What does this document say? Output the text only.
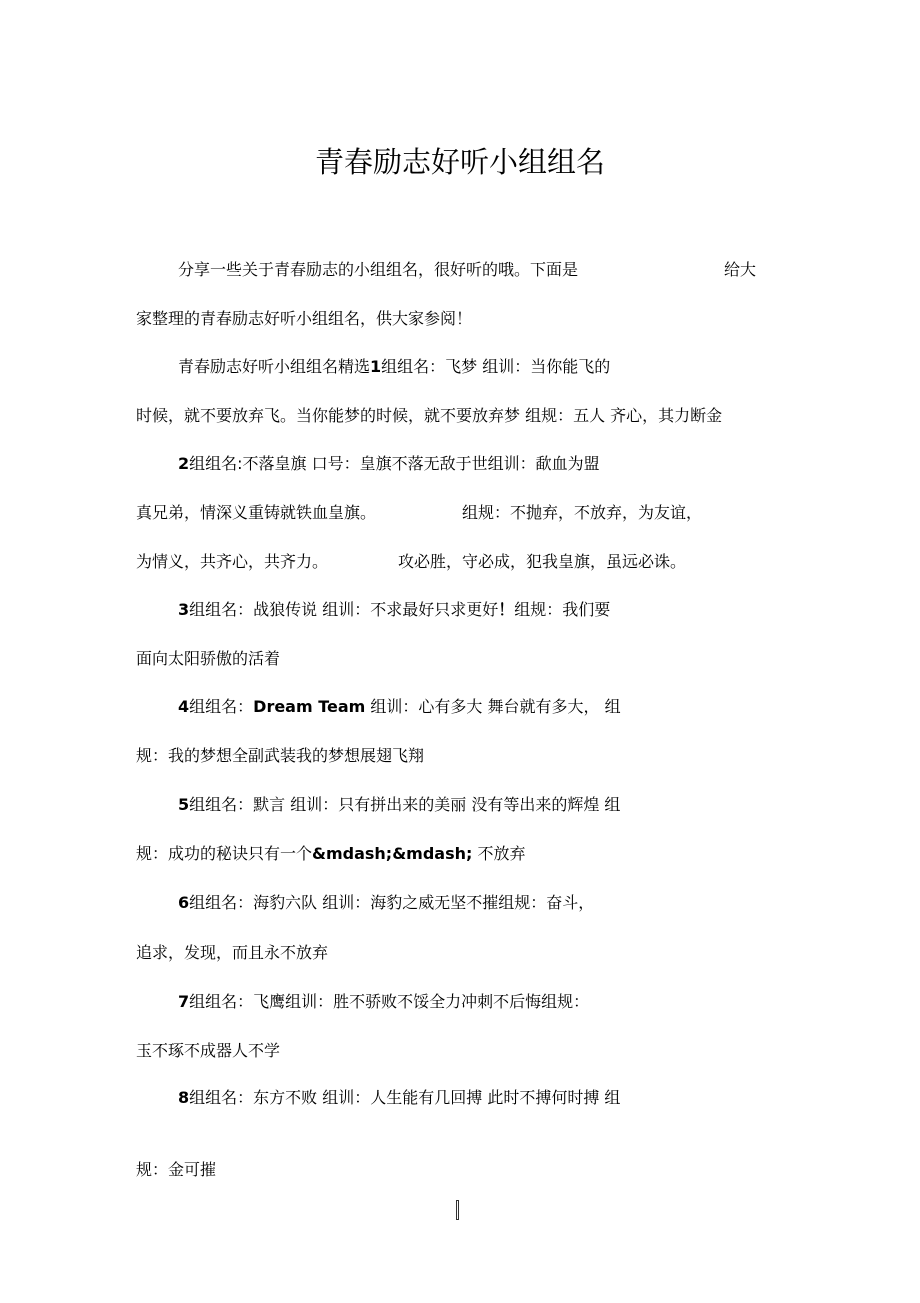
青春励志好听小组组名
分享一些关于青春励志的小组组名，很好听的哦。下面是	给大
家整理的青春励志好听小组组名，供大家参阅！
青春励志好听小组组名精选1组组名：飞梦 组训：当你能飞的
时候，就不要放弃飞。当你能梦的时候，就不要放弃梦 组规：五人 齐心，其力断金
2组组名:不落皇旗 口号：皇旗不落无敌于世组训：歃血为盟
真兄弟，情深义重铸就铁血皇旗。	组规：不抛弃，不放弃，为友谊，
为情义，共齐心，共齐力。	攻必胜，守必成，犯我皇旗，虽远必诛。
3组组名：战狼传说 组训：不求最好只求更好！组规：我们要
面向太阳骄傲的活着
4组组名：Dream Team 组训：心有多大 舞台就有多大， 组
规：我的梦想全副武装我的梦想展翅飞翔
5组组名：默言 组训：只有拼出来的美丽 没有等出来的辉煌 组
规：成功的秘诀只有一个&mdash;&mdash; 不放弃
6组组名：海豹六队 组训：海豹之威无坚不摧组规：奋斗，
追求，发现，而且永不放弃
7组组名：飞鹰组训：胜不骄败不馁全力冲刺不后悔组规：
玉不琢不成器人不学
8组组名：东方不败 组训：人生能有几回搏 此时不搏何时搏 组
规：金可摧
